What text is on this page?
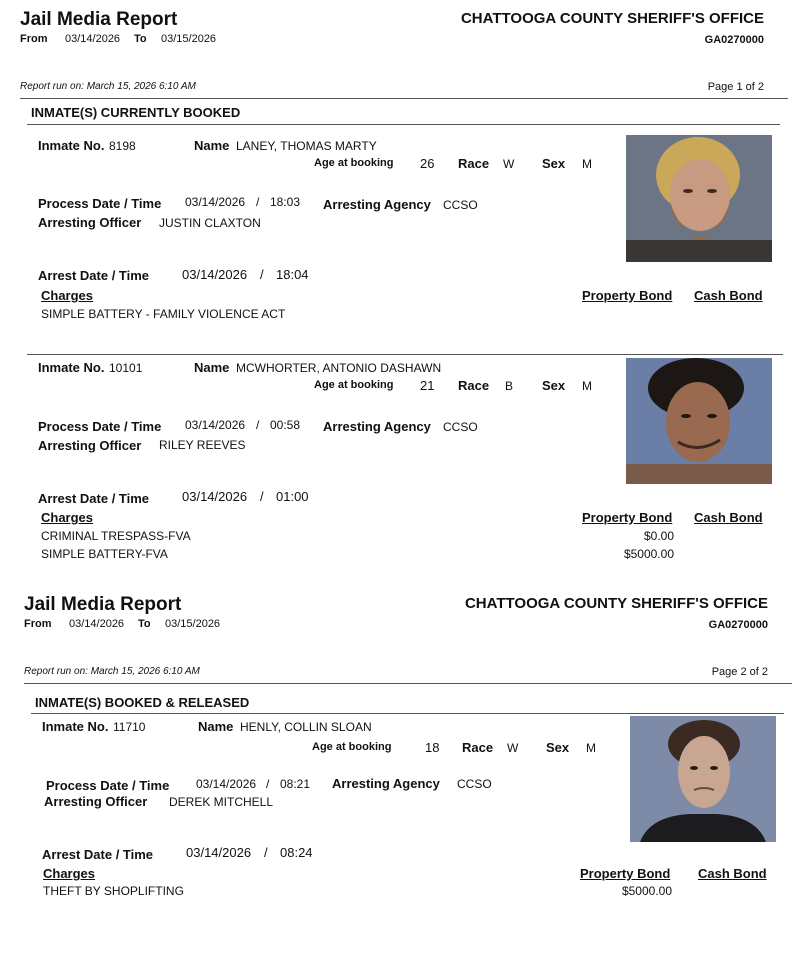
Jail Media Report
From 03/14/2026 To 03/15/2026
CHATTOOGA COUNTY SHERIFF'S OFFICE
GA0270000
Report run on: March 15, 2026 6:10 AM	Page 1 of 2
INMATE(S) CURRENTLY BOOKED
Inmate No. 8198	Name LANEY, THOMAS MARTY
Age at booking 26 Race W Sex M
Process Date / Time 03/14/2026 / 18:03 Arresting Agency CCSO
Arresting Officer JUSTIN CLAXTON
Arrest Date / Time	03/14/2026 / 18:04
Charges	Property Bond Cash Bond
SIMPLE BATTERY - FAMILY VIOLENCE ACT
Inmate No. 10101	Name MCWHORTER, ANTONIO DASHAWN
Age at booking 21 Race B Sex M
Process Date / Time 03/14/2026 / 00:58 Arresting Agency CCSO
Arresting Officer RILEY REEVES
Arrest Date / Time	03/14/2026 / 01:00
Charges	Property Bond Cash Bond
CRIMINAL TRESPASS-FVA	$0.00
SIMPLE BATTERY-FVA	$5000.00
Jail Media Report
From 03/14/2026 To 03/15/2026
CHATTOOGA COUNTY SHERIFF'S OFFICE
GA0270000
Report run on: March 15, 2026 6:10 AM	Page 2 of 2
INMATE(S) BOOKED & RELEASED
Inmate No. 11710	Name HENLY, COLLIN SLOAN
Age at booking	18 Race W Sex M
Process Date / Time 03/14/2026 / 08:21 Arresting Agency CCSO
Arresting Officer DEREK MITCHELL
Arrest Date / Time	03/14/2026 / 08:24
Charges	Property Bond Cash Bond
THEFT BY SHOPLIFTING	$5000.00
